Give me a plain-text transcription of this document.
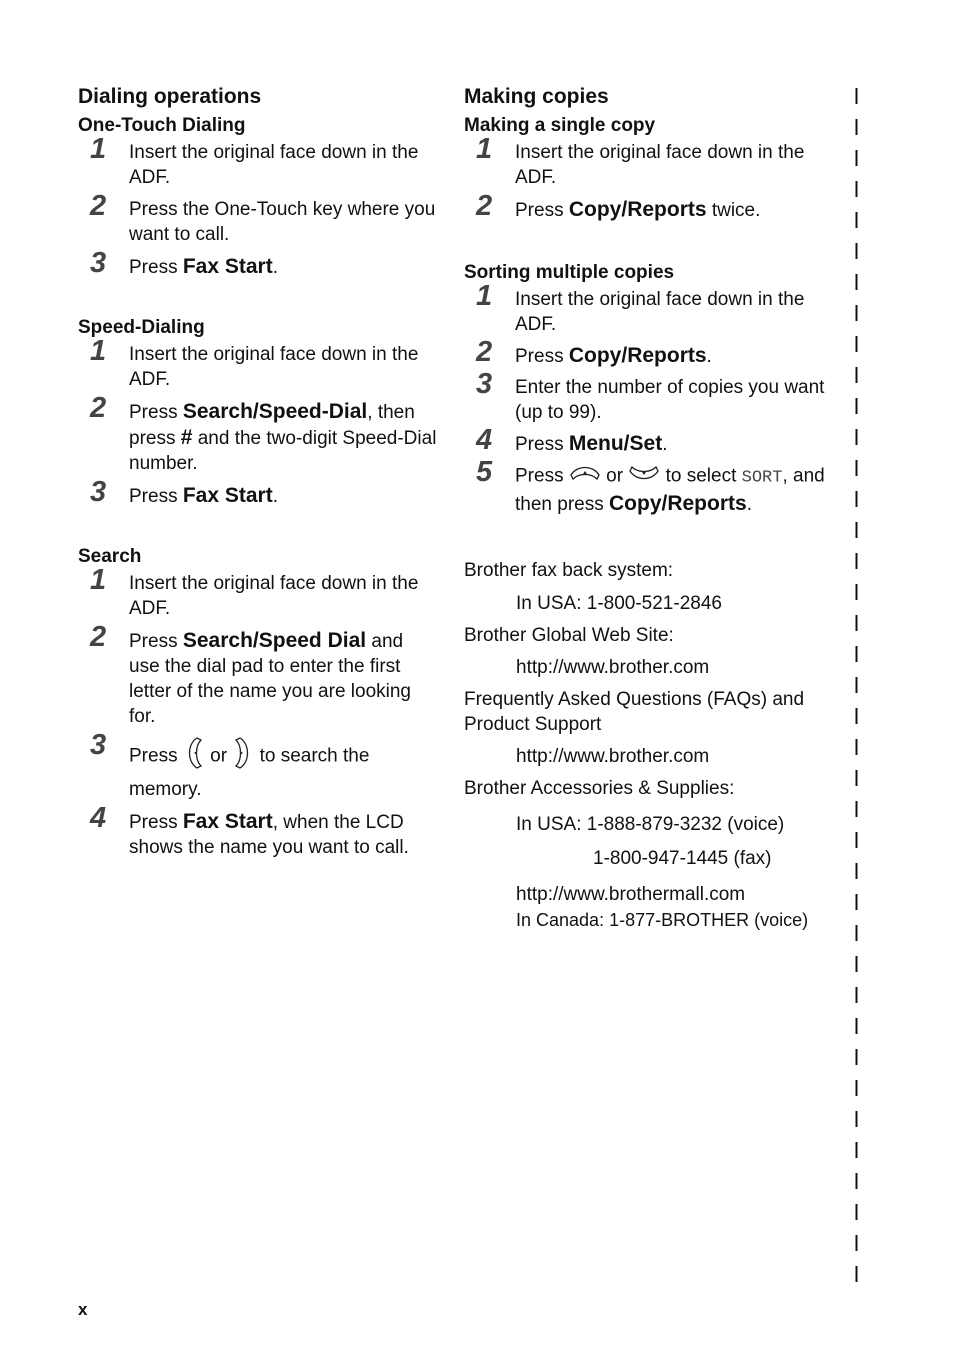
Dialing operations
One-Touch Dialing
1 Insert the original face down in the ADF.
2 Press the One-Touch key where you want to call.
3 Press Fax Start.
Speed-Dialing
1 Insert the original face down in the ADF.
2 Press Search/Speed-Dial, then press # and the two-digit Speed-Dial number.
3 Press Fax Start.
Search
1 Insert the original face down in the ADF.
2 Press Search/Speed Dial and use the dial pad to enter the first letter of the name you are looking for.
3 Press  or  to search the memory.
4 Press Fax Start, when the LCD shows the name you want to call.
Making copies
Making a single copy
1 Insert the original face down in the ADF.
2 Press Copy/Reports twice.
Sorting multiple copies
1 Insert the original face down in the ADF.
2 Press Copy/Reports.
3 Enter the number of copies you want (up to 99).
4 Press Menu/Set.
5 Press  or  to select SORT, and then press Copy/Reports.
Brother fax back system:
In USA: 1-800-521-2846
Brother Global Web Site:
http://www.brother.com
Frequently Asked Questions (FAQs) and Product Support
http://www.brother.com
Brother Accessories & Supplies:
In USA: 1-888-879-3232 (voice)
1-800-947-1445 (fax)
http://www.brothermall.com
In Canada: 1-877-BROTHER (voice)
x
